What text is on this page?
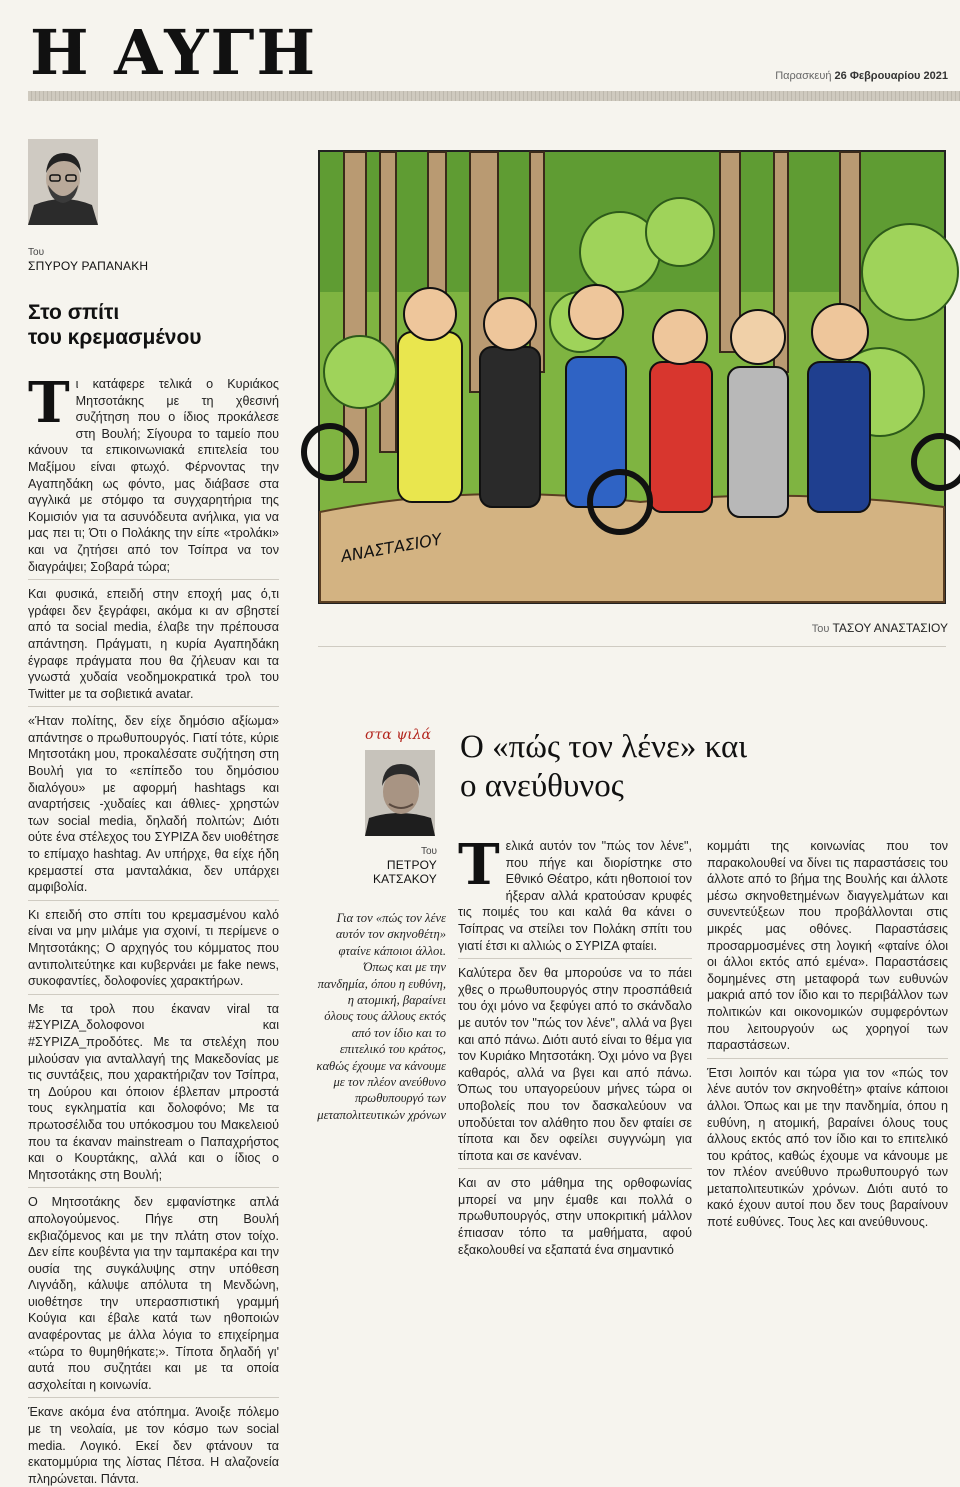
Η ΑΥΓΗ	Παρασκευή 26 Φεβρουαρίου 2021
Του
ΣΠΥΡΟΥ ΡΑΠΑΝΑΚΗ
Στο σπίτι
του κρεμασμένου

Τι κατάφερε τελικά ο Κυριάκος Μητσοτάκης με τη χθεσινή συζήτηση που ο ίδιος προκάλεσε στη Βουλή; Σίγουρα το ταμείο που κάνουν τα επικοινωνιακά επιτελεία του Μαξίμου είναι φτωχό. Φέρνοντας την Αγαπηδάκη ως φόντο, μας διάβασε στα αγγλικά με στόμφο τα συγχαρητήρια της Κομισιόν για τα ασυνόδευτα ανήλικα, για να μας πει τι; Ότι ο Πολάκης την είπε «τρολάκι» και να ζητήσει από τον Τσίπρα να τον διαγράψει; Σοβαρά τώρα;

Και φυσικά, επειδή στην εποχή μας ό,τι γράφει δεν ξεγράφει, ακόμα κι αν σβηστεί από τα social media, έλαβε την πρέπουσα απάντηση. Πράγματι, η κυρία Αγαπηδάκη έγραφε πράγματα που θα ζήλευαν και τα γνωστά χυδαία νεοδημοκρατικά τρολ του Twitter με τα σοβιετικά avatar.

«Ήταν πολίτης, δεν είχε δημόσιο αξίωμα» απάντησε ο πρωθυπουργός. Γιατί τότε, κύριε Μητσοτάκη μου, προκαλέσατε συζήτηση στη Βουλή για το «επίπεδο του δημόσιου διαλόγου» με αφορμή hashtags και αναρτήσεις -χυδαίες και άθλιες- χρηστών των social media, δηλαδή πολιτών; Διότι ούτε ένα στέλεχος του ΣΥΡΙΖΑ δεν υιοθέτησε το επίμαχο hashtag. Αν υπήρχε, θα είχε ήδη κρεμαστεί στα μανταλάκια, δεν υπάρχει αμφιβολία.

Κι επειδή στο σπίτι του κρεμασμένου καλό είναι να μην μιλάμε για σχοινί, τι περίμενε ο Μητσοτάκης; Ο αρχηγός του κόμματος που αντιπολιτεύτηκε και κυβερνάει με fake news, συκοφαντίες, δολοφονίες χαρακτήρων.

Με τα τρολ που έκαναν viral τα #ΣΥΡΙΖΑ_δολοφονοι και #ΣΥΡΙΖΑ_προδότες. Με τα στελέχη που μιλούσαν για ανταλλαγή της Μακεδονίας με τις συντάξεις, που χαρακτήριζαν τον Τσίπρα, τη Δούρου και όποιον έβλεπαν μπροστά τους εγκληματία και δολοφόνο; Με τα πρωτοσέλιδα του υπόκοσμου του Μακελειού που τα έκαναν mainstream ο Παπαχρήστος και ο Κουρτάκης, αλλά και ο ίδιος ο Μητσοτάκης στη Βουλή;

Ο Μητσοτάκης δεν εμφανίστηκε απλά απολογούμενος. Πήγε στη Βουλή εκβιαζόμενος και με την πλάτη στον τοίχο. Δεν είπε κουβέντα για την ταμπακέρα και την ουσία της συγκάλυψης στην υπόθεση Λιγνάδη, κάλυψε απόλυτα τη Μενδώνη, υιοθέτησε την υπερασπιστική γραμμή Κούγια και έβαλε κατά των ηθοποιών αναφέροντας με άλλα λόγια το επιχείρημα «τώρα το θυμηθήκατε;». Τίποτα δηλαδή γι' αυτά που συζητάει και με τα οποία ασχολείται η κοινωνία.

Έκανε ακόμα ένα ατόπημα. Άνοιξε πόλεμο με τη νεολαία, με τον κόσμο των social media. Λογικό. Εκεί δεν φτάνουν τα εκατομμύρια της λίστας Πέτσα. Η αλαζονεία πληρώνεται. Πάντα.

ΑΝΑΣΤΑΣΙΟΥ
Του ΤΑΣΟΥ ΑΝΑΣΤΑΣΙΟΥ
στα ψιλά
Του
ΠΕΤΡΟΥ
ΚΑΤΣΑΚΟΥ
Ο «πώς τον λένε» και
ο ανεύθυνος
Για τον «πώς τον λένε αυτόν τον σκηνοθέτη» φταίνε κάποιοι άλλοι. Όπως και με την πανδημία, όπου η ευθύνη, η ατομική, βαραίνει όλους τους άλλους εκτός από τον ίδιο και το επιτελικό του κράτος, καθώς έχουμε να κάνουμε με τον πλέον ανεύθυνο πρωθυπουργό των μεταπολιτευτικών χρόνων

Τελικά αυτόν τον "πώς τον λένε", που πήγε και διορίστηκε στο Εθνικό Θέατρο, κάτι ηθοποιοί τον ήξεραν αλλά κρατούσαν κρυφές τις ποιμές του και καλά θα κάνει ο Τσίπρας να στείλει τον Πολάκη σπίτι του γιατί έτσι κι αλλιώς ο ΣΥΡΙΖΑ φταίει.

Καλύτερα δεν θα μπορούσε να το πάει χθες ο πρωθυπουργός στην προσπάθειά του όχι μόνο να ξεφύγει από το σκάνδαλο με αυτόν τον "πώς τον λένε", αλλά να βγει και από πάνω. Διότι αυτό είναι το θέμα για τον Κυριάκο Μητσοτάκη. Όχι μόνο να βγει καθαρός, αλλά να βγει και από πάνω. Όπως του υπαγορεύουν μήνες τώρα οι υποβολείς που τον δασκαλεύουν να υποδύεται τον αλάθητο που δεν φταίει σε τίποτα και δεν οφείλει συγγνώμη για τίποτα και σε κανέναν.

Και αν στο μάθημα της ορθοφωνίας μπορεί να μην έμαθε και πολλά ο πρωθυπουργός, στην υποκριτική μάλλον έπιασαν τόπο τα μαθήματα, αφού εξακολουθεί να εξαπατά ένα σημαντικό

κομμάτι της κοινωνίας που τον παρακολουθεί να δίνει τις παραστάσεις του άλλοτε από το βήμα της Βουλής και άλλοτε μέσω σκηνοθετημένων διαγγελμάτων και συνεντεύξεων που προβάλλονται στις μικρές μας οθόνες. Παραστάσεις προσαρμοσμένες στη λογική «φταίνε όλοι οι άλλοι εκτός από εμένα». Παραστάσεις δομημένες στη μεταφορά των ευθυνών μακριά από τον ίδιο και το περιβάλλον των πολιτικών και οικονομικών συμφερόντων που λειτουργούν ως χορηγοί των παραστάσεων.

Έτσι λοιπόν και τώρα για τον «πώς τον λένε αυτόν τον σκηνοθέτη» φταίνε κάποιοι άλλοι. Όπως και με την πανδημία, όπου η ευθύνη, η ατομική, βαραίνει όλους τους άλλους εκτός από τον ίδιο και το επιτελικό του κράτος, καθώς έχουμε να κάνουμε με τον πλέον ανεύθυνο πρωθυπουργό των μεταπολιτευτικών χρόνων. Διότι αυτό το κακό έχουν αυτοί που δεν τους βαραίνουν ποτέ ευθύνες. Τους λες και ανεύθυνους.
